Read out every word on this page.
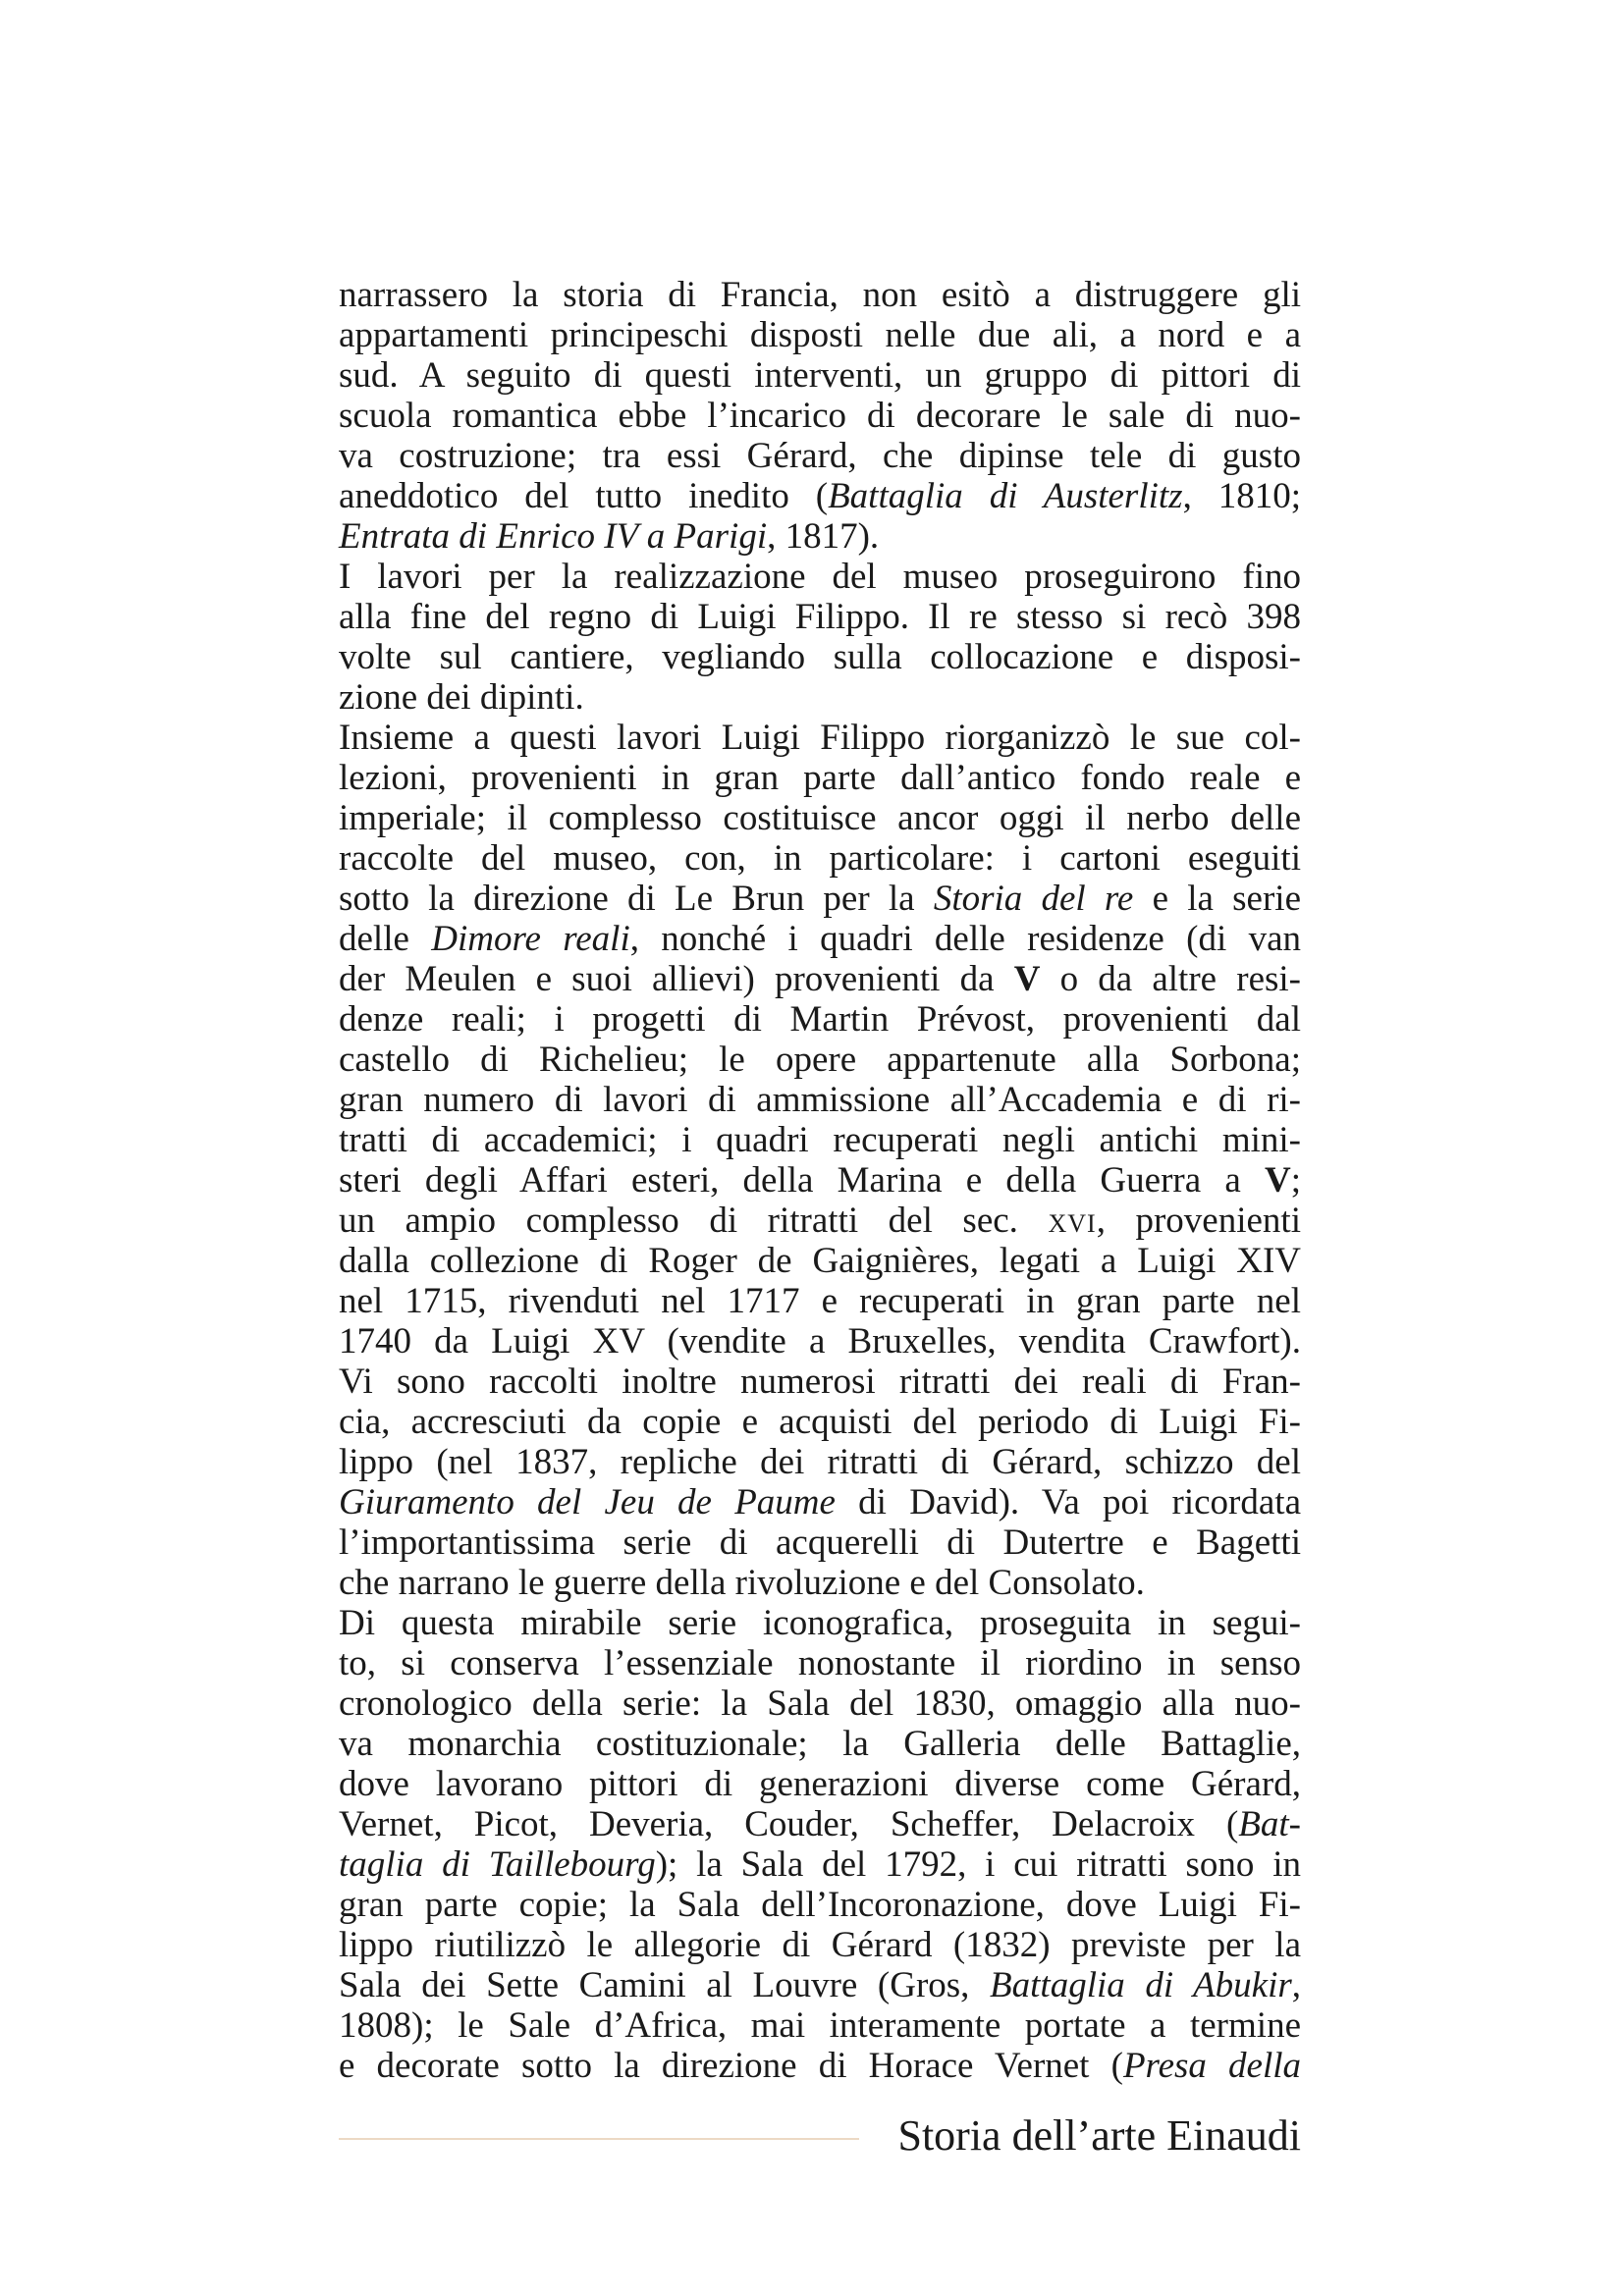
narrassero la storia di Francia, non esitò a distruggere gli
appartamenti principeschi disposti nelle due ali, a nord e a
sud. A seguito di questi interventi, un gruppo di pittori di
scuola romantica ebbe l’incarico di decorare le sale di nuo-
va costruzione; tra essi Gérard, che dipinse tele di gusto
aneddotico del tutto inedito (Battaglia di Austerlitz, 1810;
Entrata di Enrico IV a Parigi, 1817).
I lavori per la realizzazione del museo proseguirono fino
alla fine del regno di Luigi Filippo. Il re stesso si recò 398
volte sul cantiere, vegliando sulla collocazione e disposi-
zione dei dipinti.
Insieme a questi lavori Luigi Filippo riorganizzò le sue col-
lezioni, provenienti in gran parte dall’antico fondo reale e
imperiale; il complesso costituisce ancor oggi il nerbo delle
raccolte del museo, con, in particolare: i cartoni eseguiti
sotto la direzione di Le Brun per la Storia del re e la serie
delle Dimore reali, nonché i quadri delle residenze (di van
der Meulen e suoi allievi) provenienti da V o da altre resi-
denze reali; i progetti di Martin Prévost, provenienti dal
castello di Richelieu; le opere appartenute alla Sorbona;
gran numero di lavori di ammissione all’Accademia e di ri-
tratti di accademici; i quadri recuperati negli antichi mini-
steri degli Affari esteri, della Marina e della Guerra a V;
un ampio complesso di ritratti del sec. xvi, provenienti
dalla collezione di Roger de Gaignières, legati a Luigi XIV
nel 1715, rivenduti nel 1717 e recuperati in gran parte nel
1740 da Luigi XV (vendite a Bruxelles, vendita Crawfort).
Vi sono raccolti inoltre numerosi ritratti dei reali di Fran-
cia, accresciuti da copie e acquisti del periodo di Luigi Fi-
lippo (nel 1837, repliche dei ritratti di Gérard, schizzo del
Giuramento del Jeu de Paume di David). Va poi ricordata
l’importantissima serie di acquerelli di Dutertre e Bagetti
che narrano le guerre della rivoluzione e del Consolato.
Di questa mirabile serie iconografica, proseguita in segui-
to, si conserva l’essenziale nonostante il riordino in senso
cronologico della serie: la Sala del 1830, omaggio alla nuo-
va monarchia costituzionale; la Galleria delle Battaglie,
dove lavorano pittori di generazioni diverse come Gérard,
Vernet, Picot, Deveria, Couder, Scheffer, Delacroix (Bat-
taglia di Taillebourg); la Sala del 1792, i cui ritratti sono in
gran parte copie; la Sala dell’Incoronazione, dove Luigi Fi-
lippo riutilizzò le allegorie di Gérard (1832) previste per la
Sala dei Sette Camini al Louvre (Gros, Battaglia di Abukir,
1808); le Sale d’Africa, mai interamente portate a termine
e decorate sotto la direzione di Horace Vernet (Presa della
Storia dell’arte Einaudi
